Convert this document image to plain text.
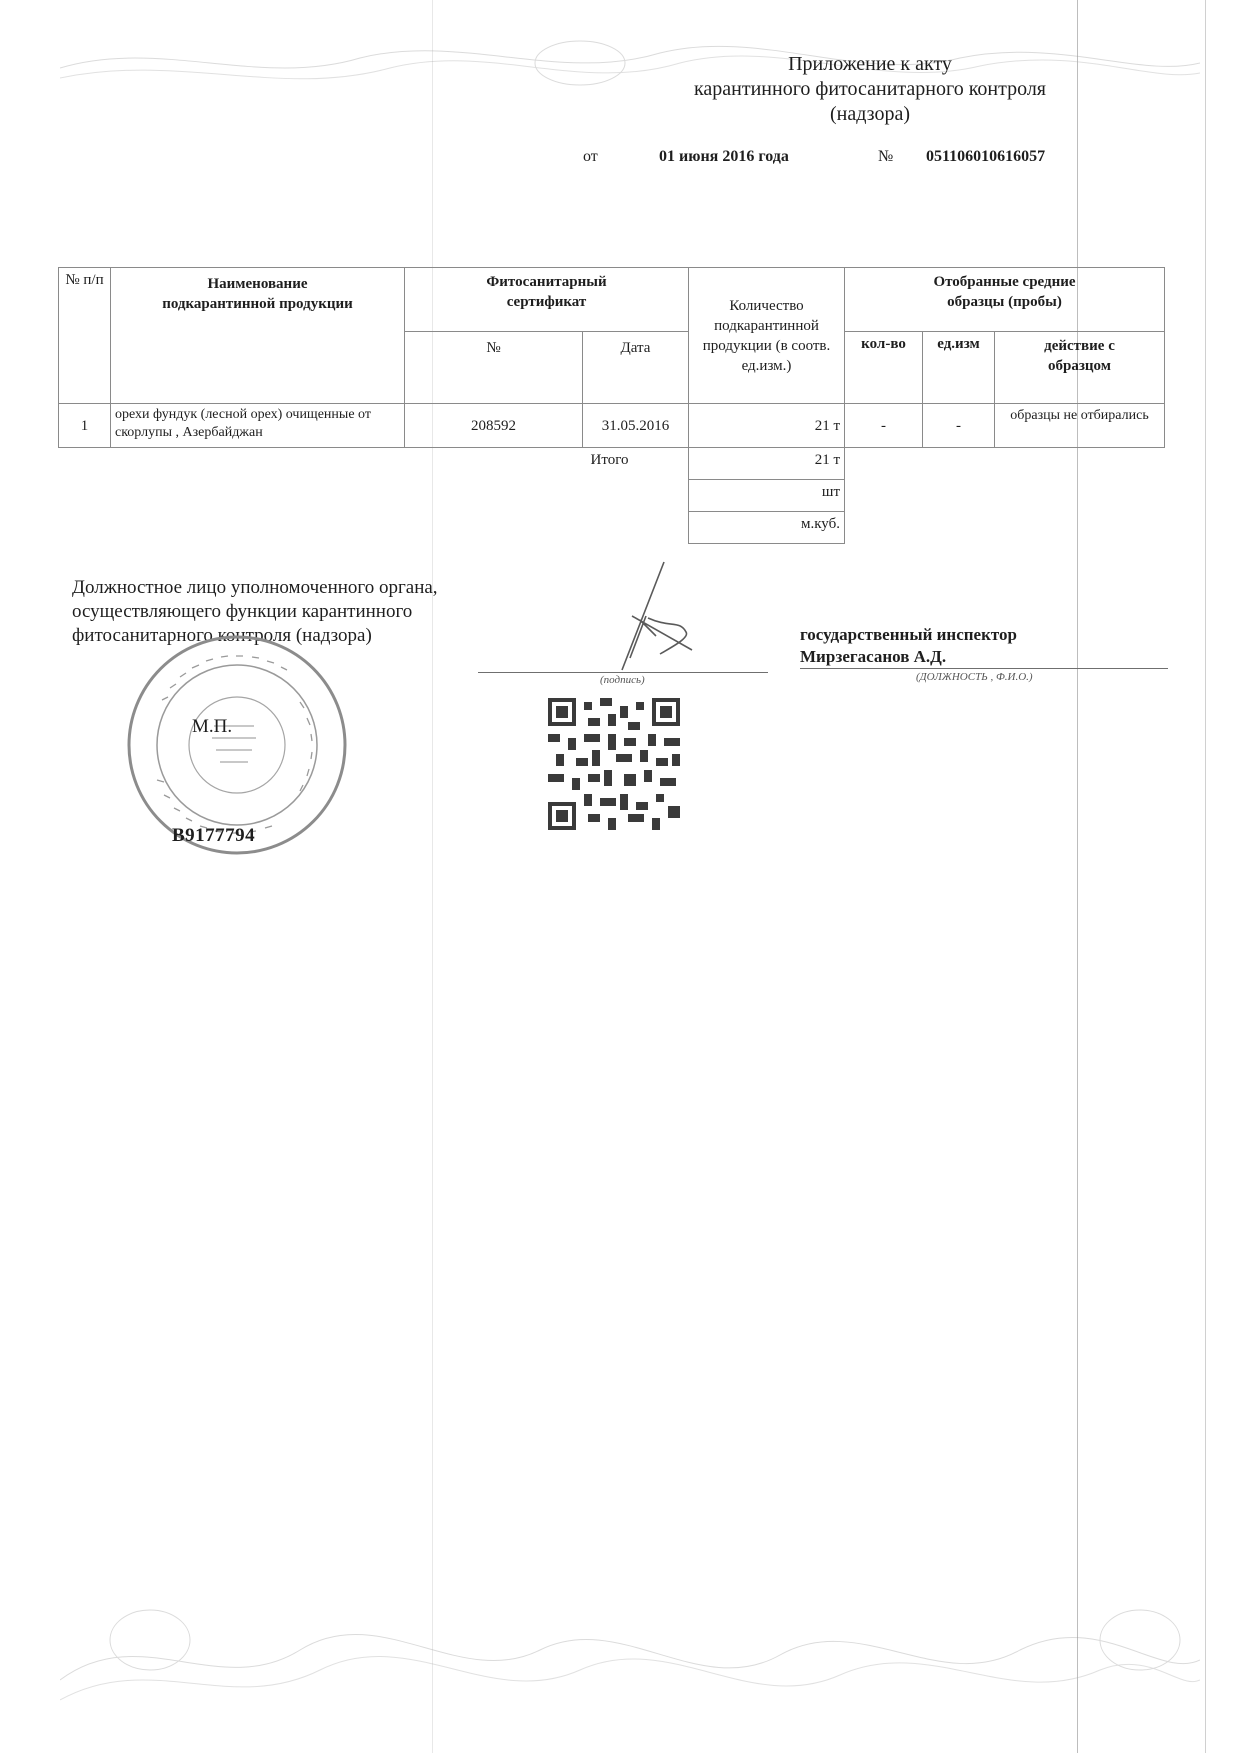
Приложение к акту
карантинного фитосанитарного контроля
(надзора)
от	01 июня 2016 года	№ 051106010616057
№ п/п	Наименование подкарантинной продукции	Фитосанитарный сертификат		Количество подкарантинной продукции (в соотв. ед.изм.)	Отобранные средние образцы (пробы)		
		№	Дата		кол-во	ед.изм	действие с образцом
1	орехи фундук (лесной орех) очищенные от скорлупы , Азербайджан	208592	31.05.2016	21 т	-	-	образцы не отбирались
			Итого	21 т			
				шт			
				м.куб.			
Должностное лицо уполномоченного органа,
осуществляющего функции карантинного
фитосанитарного контроля (надзора)
М.П.
(подпись)
государственный инспектор
Мирзегасанов А.Д.
(ДОЛЖНОСТЬ , Ф.И.О.)
B9177794
